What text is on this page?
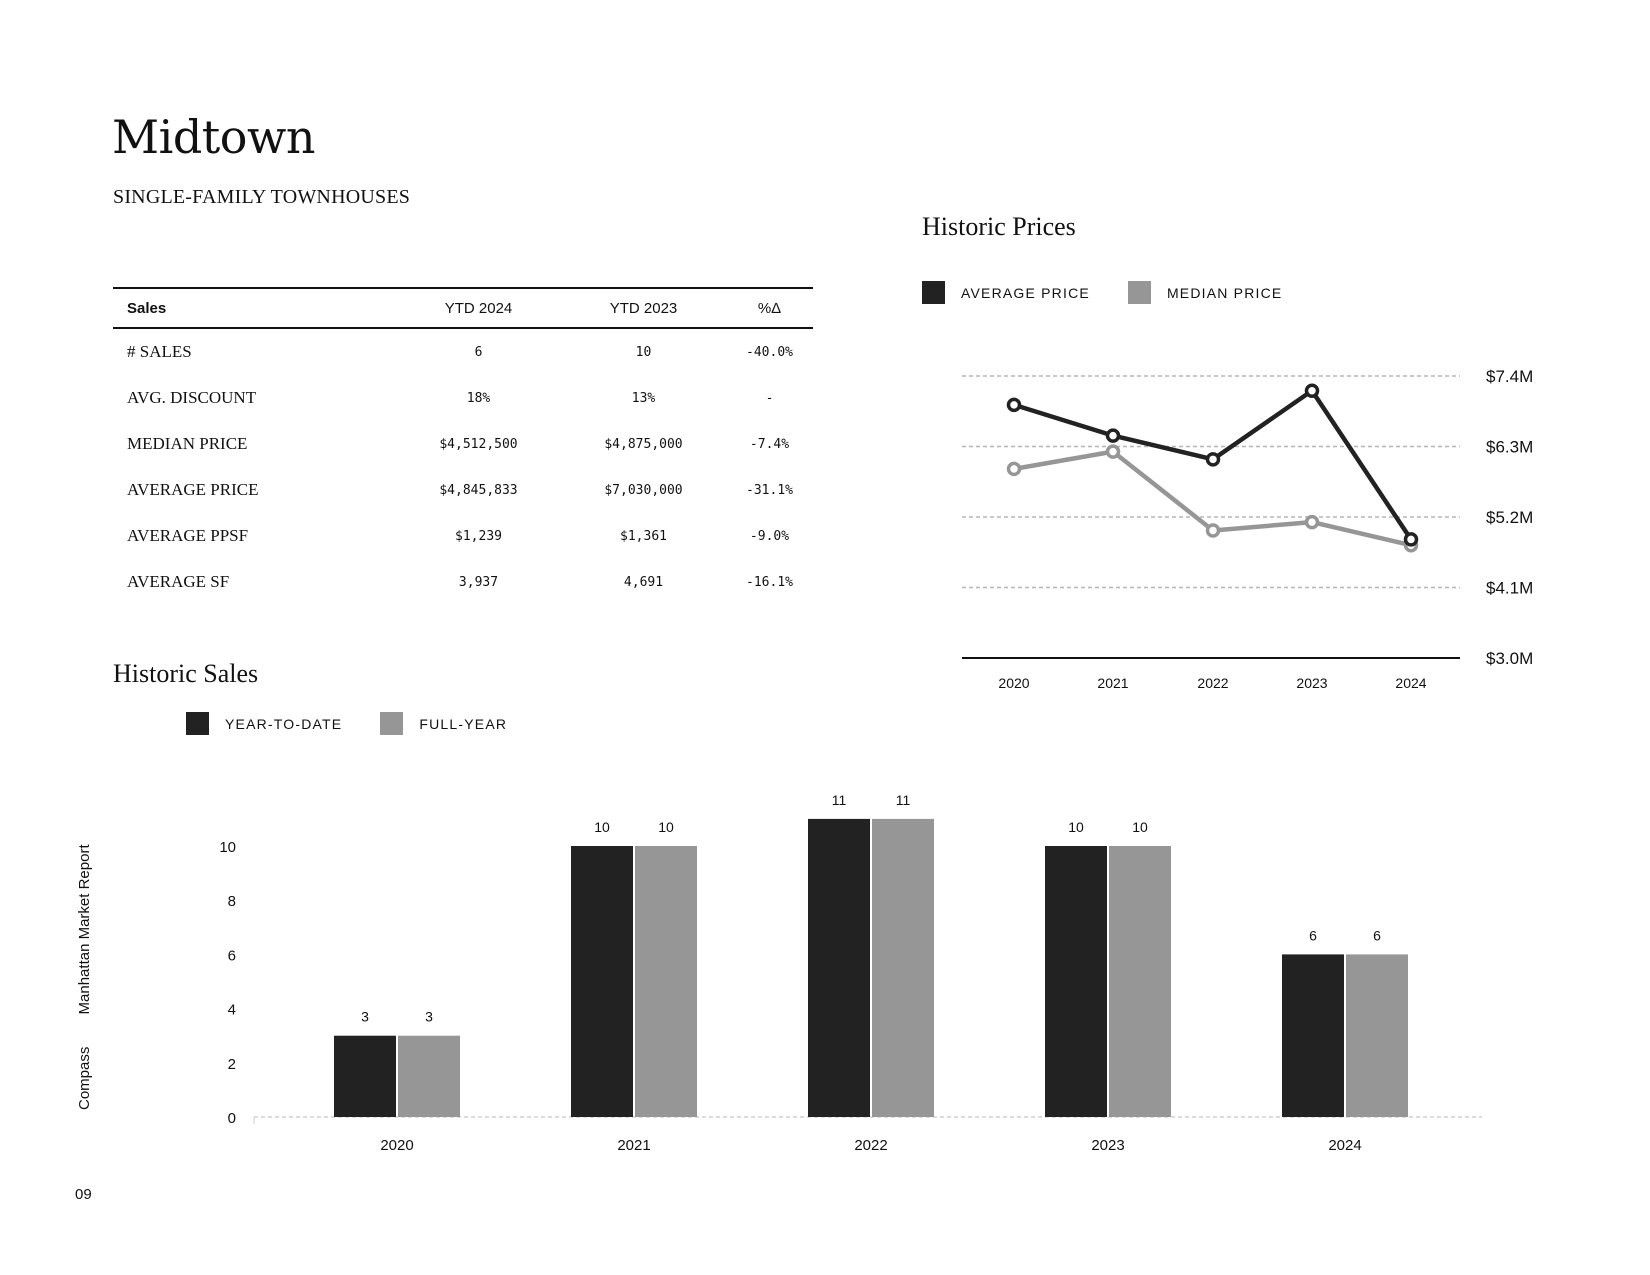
Midtown
SINGLE-FAMILY TOWNHOUSES
Sales	YTD 2024	YTD 2023	%Δ
# SALES	6	10	-40.0%
AVG. DISCOUNT	18%	13%	-
MEDIAN PRICE	$4,512,500	$4,875,000	-7.4%
AVERAGE PRICE	$4,845,833	$7,030,000	-31.1%
AVERAGE PPSF	$1,239	$1,361	-9.0%
AVERAGE SF	3,937	4,691	-16.1%
Historic Prices
AVERAGE PRICE	MEDIAN PRICE
Historic Sales
YEAR-TO-DATE	FULL-YEAR
$3.0M
$4.1M
$5.2M
$6.3M
$7.4M
2020	2021	2022	2023	2024
0
2
4
6
8
10
2020
3	3
2021
10	10
2022
11	11
2023
10	10
2024
6	6
Compass Manhattan Market Report
09
